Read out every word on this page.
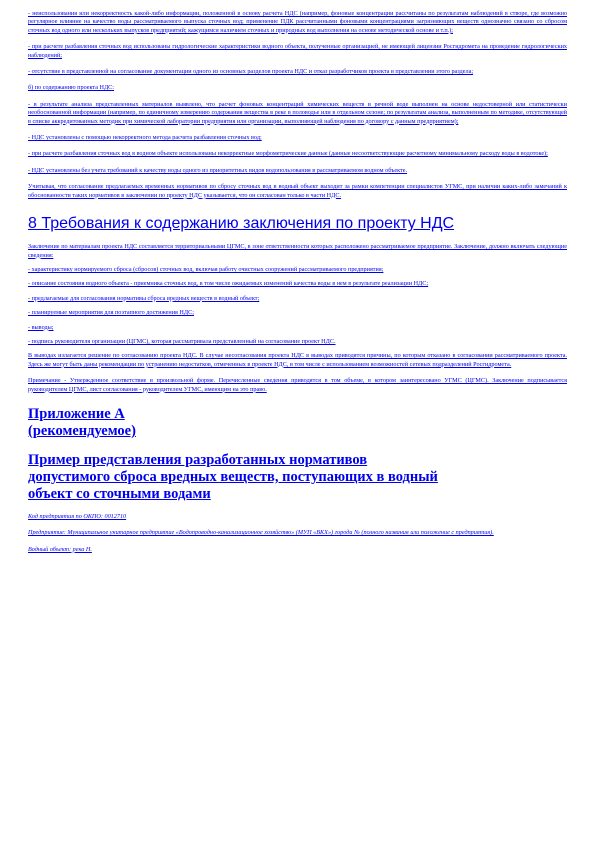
- неиспользования или некорректность какой-либо информации, положенной в основу расчета НДС (например, фоновые концентрации рассчитаны по результатам наблюдений в створе, где возможно регулярное влияние на качество воды рассматриваемого выпуска сточных вод; применение ПДК рассчитанными фоновыми концентрациями загрязняющих веществ однозначно связано со сбросом сточных вод одного или нескольких выпусков предприятий; кажущимся наличием сточных и природных вод выполнения на основе методической основе и т.п.);

- при расчете разбавления сточных вод использованы гидрологические характеристики водного объекта, полученные организацией, не имеющей лицензии Росгидромета на проведение гидрологических наблюдений;

- отсутствие в представленной на согласование документации одного из основных разделов проекта НДС и отказ разработчиков проекта в представлении этого раздела;

б) по содержанию проекта НДС:

- в результате анализа представленных материалов выявлено, что расчет фоновых концентраций химических веществ в речной воде выполнен на основе недостоверной или статистически необоснованной информации (например, по единичному измерению содержания вещества в реке в половодье или в отдельном сезоне; по результатам анализа, выполненным по методике, отсутствующей в списке аккредитованных методик при химической лаборатории предприятия или организации, выполняющей наблюдения по договору с данным предприятием);

- НДС установлены с помощью некорректного метода расчета разбавления сточных вод;

- при расчете разбавления сточных вод в водном объекте использованы некорректные морфометрические данные (данные несоответствующие расчетному минимальному расходу воды в водотоке);

- НДС установлены без учета требований к качеству воды одного из приоритетных видов водопользования в рассматриваемом водном объекте.

Учитывая, что согласование предлагаемых временных нормативов по сбросу сточных вод в водный объект выходит за рамки компетенции специалистов УГМС, при наличии каких-либо замечаний к обоснованности таких нормативов в заключении по проекту НДС указывается, что он согласован только в части НДС.

8 Требования к содержанию заключения по проекту НДС

Заключение по материалам проекта НДС составляется территориальными ЦГМС, в зоне ответственности которых расположено рассматриваемое предприятие. Заключение, должно включать следующие сведения:

- характеристику нормируемого сброса (сбросов) сточных вод, включая работу очистных сооружений рассматриваемого предприятия;

- описание состояния водного объекта - приемника сточных вод, в том числе ожидаемых изменений качества воды в нем в результате реализации НДС;

- предлагаемые для согласования нормативы сброса вредных веществ в водный объект;

- планируемые мероприятия для поэтапного достижения НДС;

- выводы;

- подпись руководителя организации (ЦГМС), которая рассматривала представленный на согласование проект НДС.

В выводах излагается решение по согласованию проекта НДС. В случае несогласования проекта НДС в выводах приводятся причины, по которым отказано в согласовании рассматриваемого проекта. Здесь же могут быть даны рекомендации по устранению недостатков, отмеченных в проекте НДС, в том числе с использованием возможностей сетевых подразделений Росгидромета.

Примечание - Утвержденное соответствие в произвольной форме. Перечисленные сведения приводятся в том объеме, в котором заинтересовано УГМС (ЦГМС). Заключение подписывается руководителем ЦГМС, лист согласования - руководителем УГМС, имеющим на это право.

Приложение А
(рекомендуемое)
Пример представления разработанных нормативов
допустимого сброса вредных веществ, поступающих в водный
объект со сточными водами

Код предприятия по ОКПО: 0012710

Предприятие: Муниципальное унитарное предприятие «Водопроводно-канализационное хозяйство» (МУП «ВКХ») города № (полного названия или положение с предприятия).

Водный объект: река Н.
